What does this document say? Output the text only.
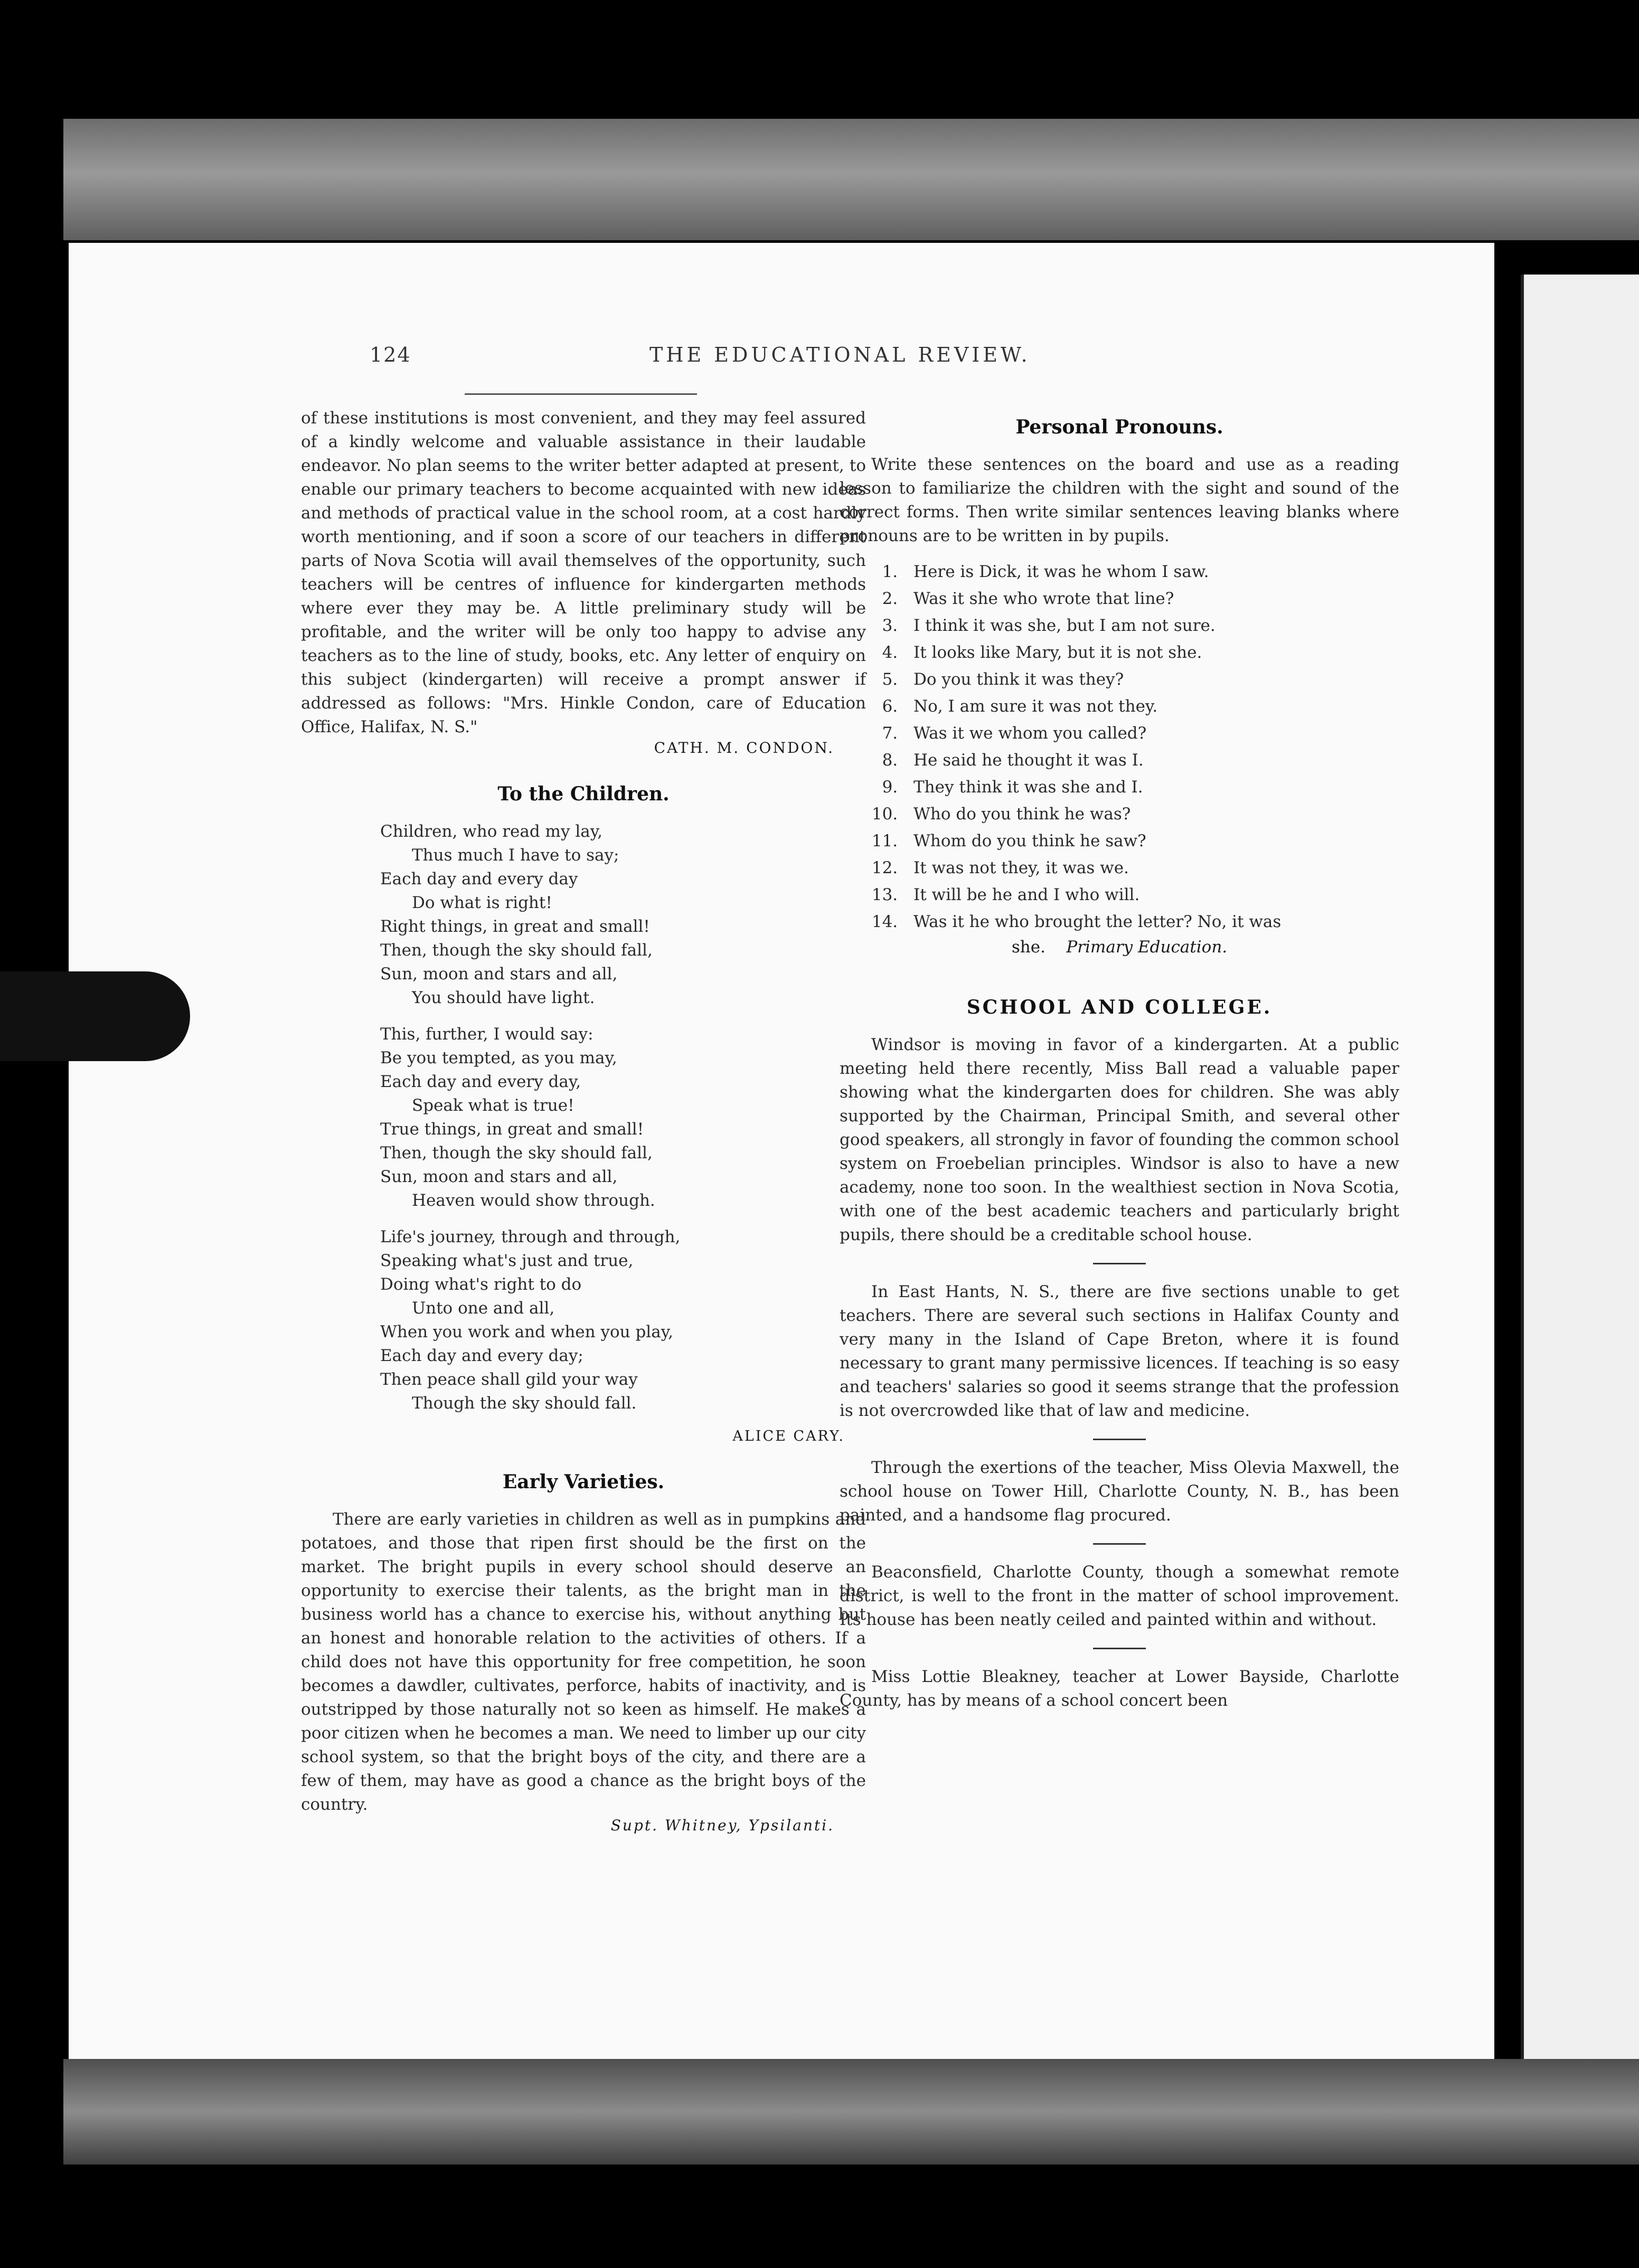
124	THE EDUCATIONAL REVIEW.

of these institutions is most convenient, and they may feel assured of a kindly welcome and valuable assistance in their laudable endeavor. No plan seems to the writer better adapted at present, to enable our primary teachers to become acquainted with new ideas and methods of practical value in the school room, at a cost hardly worth mentioning, and if soon a score of our teachers in different parts of Nova Scotia will avail themselves of the opportunity, such teachers will be centres of influence for kindergarten methods where ever they may be. A little preliminary study will be profitable, and the writer will be only too happy to advise any teachers as to the line of study, books, etc. Any letter of enquiry on this subject (kindergarten) will receive a prompt answer if addressed as follows: "Mrs. Hinkle Condon, care of Education Office, Halifax, N. S."

CATH. M. CONDON.

To the Children.
Children, who read my lay,
Thus much I have to say;
Each day and every day
Do what is right!
Right things, in great and small!
Then, though the sky should fall,
Sun, moon and stars and all,
You should have light.
This, further, I would say:
Be you tempted, as you may,
Each day and every day,
Speak what is true!
True things, in great and small!
Then, though the sky should fall,
Sun, moon and stars and all,
Heaven would show through.
Life's journey, through and through,
Speaking what's just and true,
Doing what's right to do
Unto one and all,
When you work and when you play,
Each day and every day;
Then peace shall gild your way
Though the sky should fall.
ALICE CARY.
Early Varieties.

There are early varieties in children as well as in pumpkins and potatoes, and those that ripen first should be the first on the market. The bright pupils in every school should deserve an opportunity to exercise their talents, as the bright man in the business world has a chance to exercise his, without anything but an honest and honorable relation to the activities of others. If a child does not have this opportunity for free competition, he soon becomes a dawdler, cultivates, perforce, habits of inactivity, and is outstripped by those naturally not so keen as himself. He makes a poor citizen when he becomes a man. We need to limber up our city school system, so that the bright boys of the city, and there are a few of them, may have as good a chance as the bright boys of the country.

Supt. Whitney, Ypsilanti.

Personal Pronouns.

Write these sentences on the board and use as a reading lesson to familiarize the children with the sight and sound of the correct forms. Then write similar sentences leaving blanks where pronouns are to be written in by pupils.

1. Here is Dick, it was he whom I saw.
2. Was it she who wrote that line?
3. I think it was she, but I am not sure.
4. It looks like Mary, but it is not she.
5. Do you think it was they?
6. No, I am sure it was not they.
7. Was it we whom you called?
8. He said he thought it was I.
9. They think it was she and I.
10. Who do you think he was?
11. Whom do you think he saw?
12. It was not they, it was we.
13. It will be he and I who will.
14. Was it he who brought the letter? No, it was
she. Primary Education.
SCHOOL AND COLLEGE.

Windsor is moving in favor of a kindergarten. At a public meeting held there recently, Miss Ball read a valuable paper showing what the kindergarten does for children. She was ably supported by the Chairman, Principal Smith, and several other good speakers, all strongly in favor of founding the common school system on Froebelian principles. Windsor is also to have a new academy, none too soon. In the wealthiest section in Nova Scotia, with one of the best academic teachers and particularly bright pupils, there should be a creditable school house.

In East Hants, N. S., there are five sections unable to get teachers. There are several such sections in Halifax County and very many in the Island of Cape Breton, where it is found necessary to grant many permissive licences. If teaching is so easy and teachers' salaries so good it seems strange that the profession is not overcrowded like that of law and medicine.

Through the exertions of the teacher, Miss Olevia Maxwell, the school house on Tower Hill, Charlotte County, N. B., has been painted, and a handsome flag procured.

Beaconsfield, Charlotte County, though a somewhat remote district, is well to the front in the matter of school improvement. Its house has been neatly ceiled and painted within and without.

Miss Lottie Bleakney, teacher at Lower Bayside, Charlotte County, has by means of a school concert been
